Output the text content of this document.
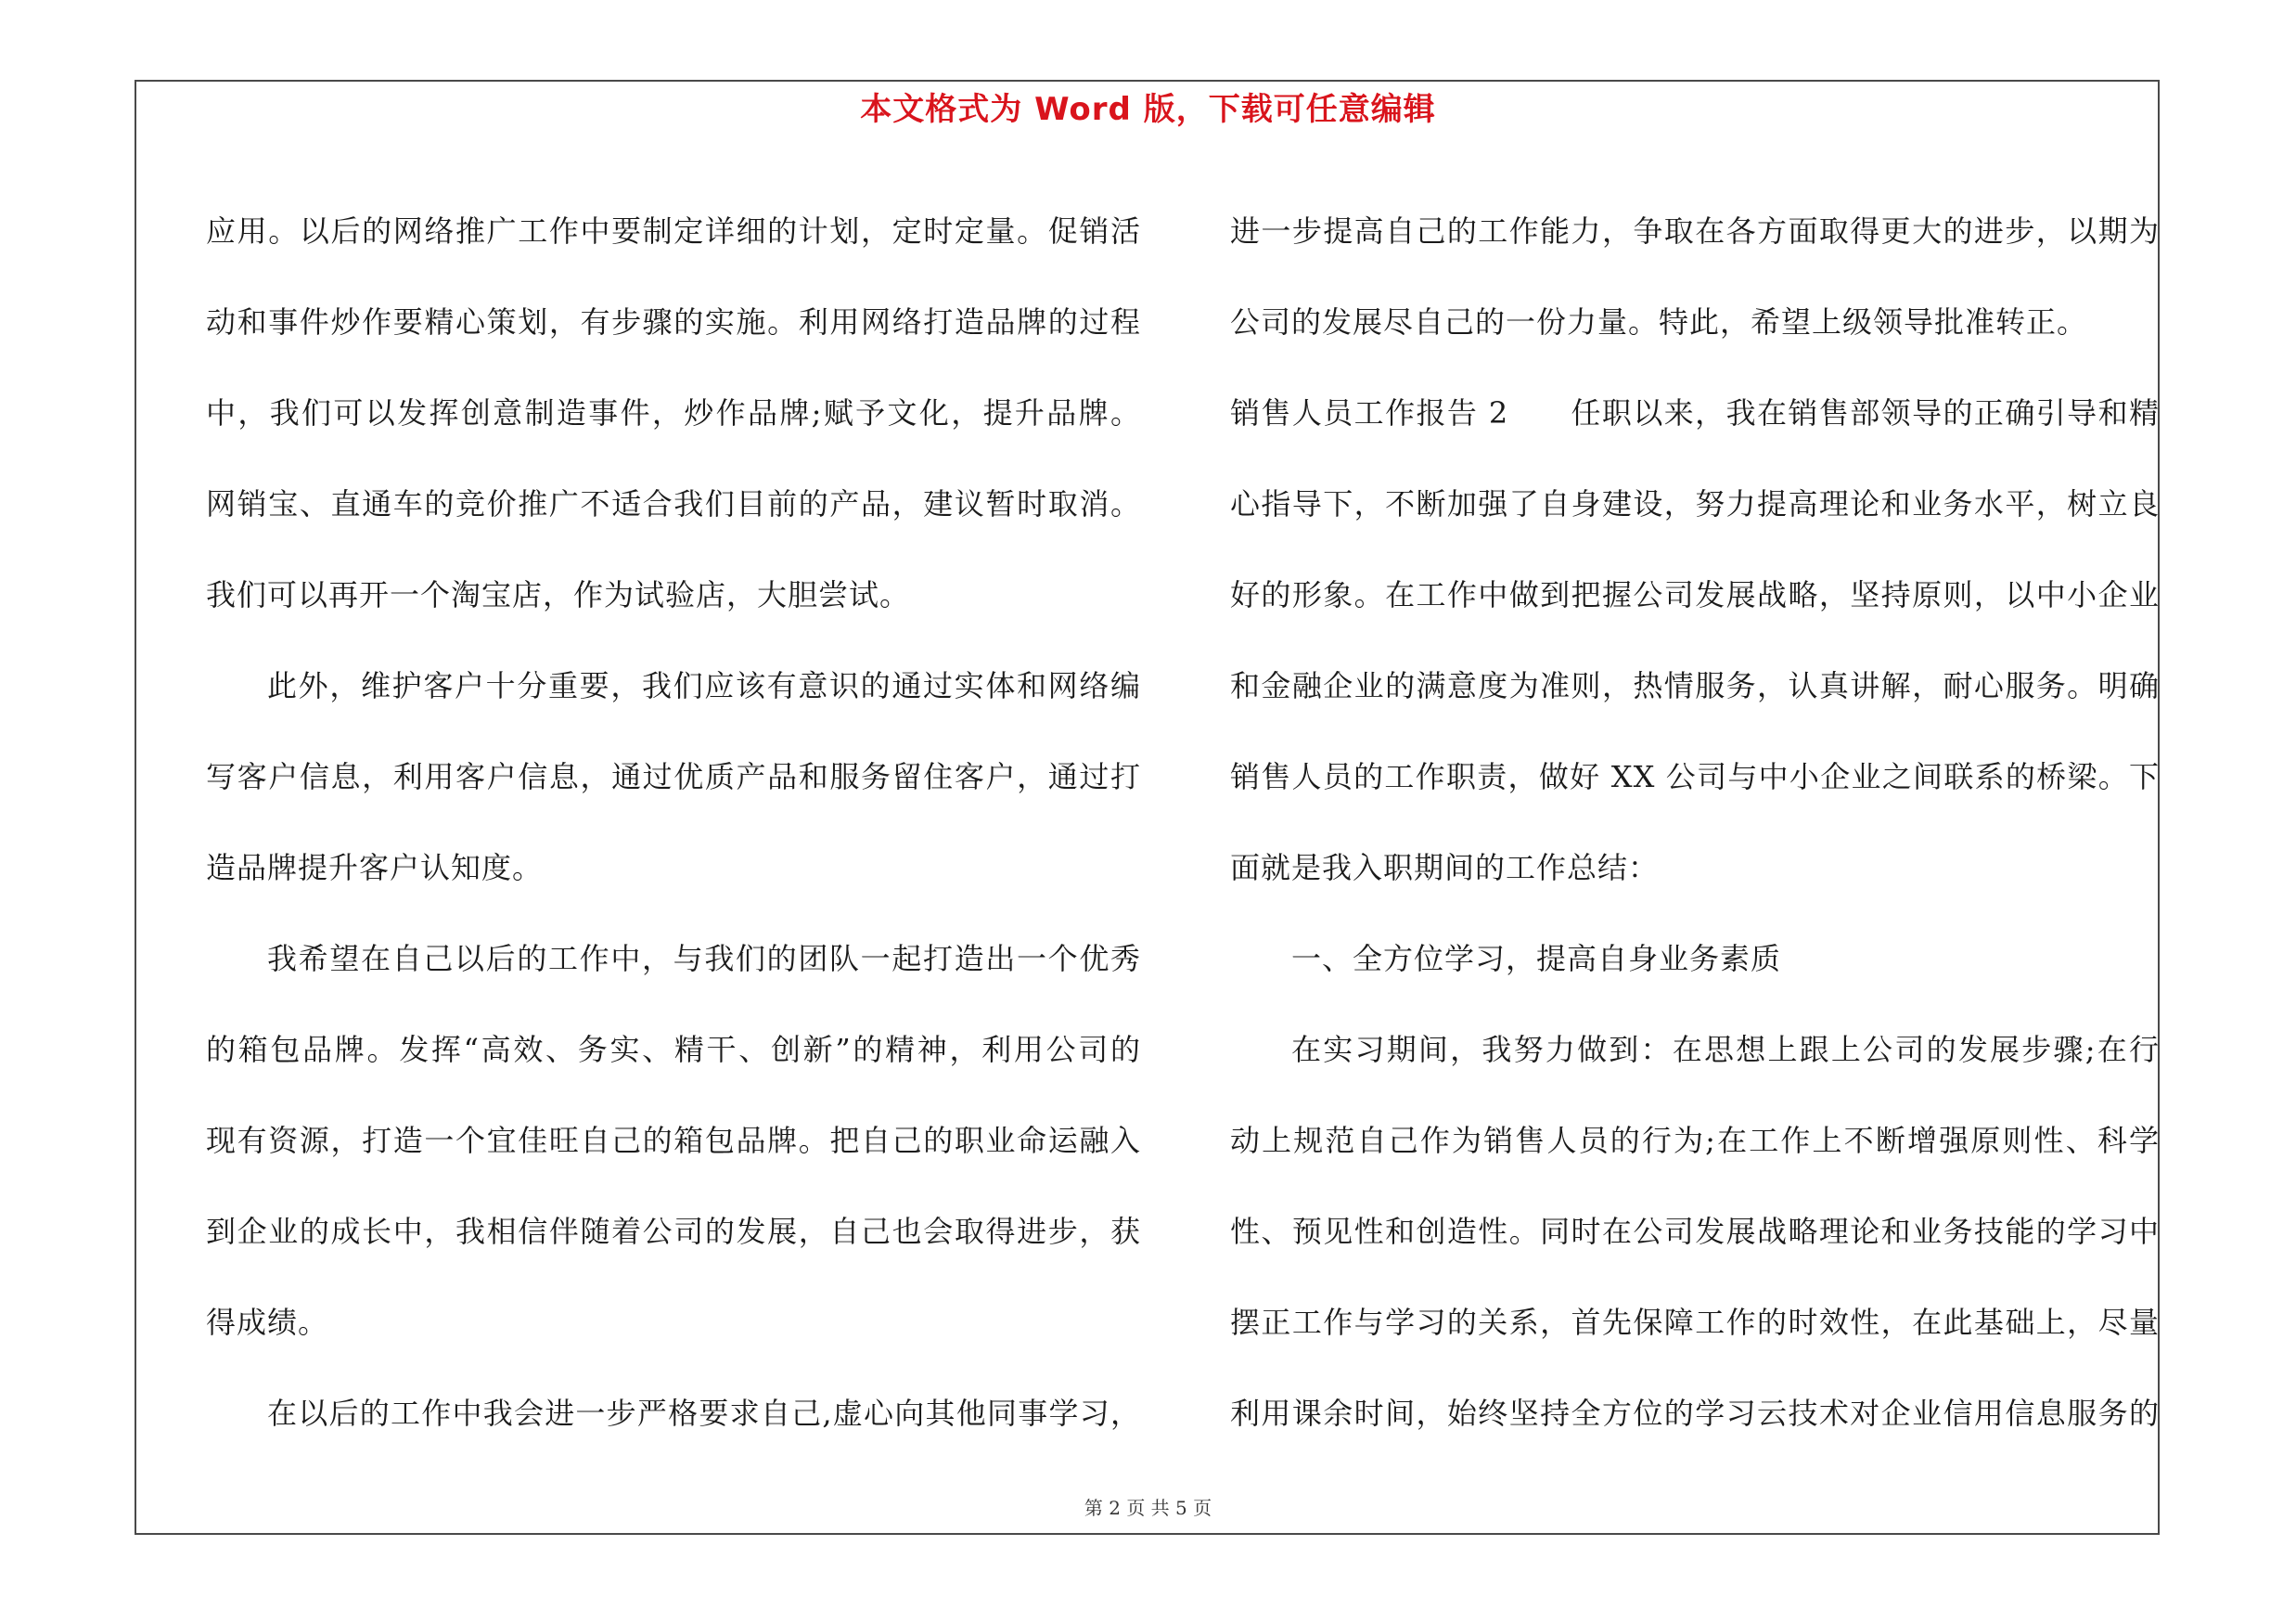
本文格式为 Word 版，下载可任意编辑
应用。以后的网络推广工作中要制定详细的计划，定时定量。促销活
动和事件炒作要精心策划，有步骤的实施。利用网络打造品牌的过程
中，我们可以发挥创意制造事件，炒作品牌;赋予文化，提升品牌。
网销宝、直通车的竞价推广不适合我们目前的产品，建议暂时取消。
我们可以再开一个淘宝店，作为试验店，大胆尝试。
此外，维护客户十分重要，我们应该有意识的通过实体和网络编
写客户信息，利用客户信息，通过优质产品和服务留住客户，通过打
造品牌提升客户认知度。
我希望在自己以后的工作中，与我们的团队一起打造出一个优秀
的箱包品牌。发挥“高效、务实、精干、创新”的精神，利用公司的
现有资源，打造一个宜佳旺自己的箱包品牌。把自己的职业命运融入
到企业的成长中，我相信伴随着公司的发展，自己也会取得进步，获
得成绩。
在以后的工作中我会进一步严格要求自己,虚心向其他同事学习，
进一步提高自己的工作能力，争取在各方面取得更大的进步，以期为
公司的发展尽自己的一份力量。特此，希望上级领导批准转正。
销售人员工作报告 2　　任职以来，我在销售部领导的正确引导和精
心指导下，不断加强了自身建设，努力提高理论和业务水平，树立良
好的形象。在工作中做到把握公司发展战略，坚持原则，以中小企业
和金融企业的满意度为准则，热情服务，认真讲解，耐心服务。明确
销售人员的工作职责，做好 XX 公司与中小企业之间联系的桥梁。下
面就是我入职期间的工作总结：
一、全方位学习，提高自身业务素质
在实习期间，我努力做到：在思想上跟上公司的发展步骤;在行
动上规范自己作为销售人员的行为;在工作上不断增强原则性、科学
性、预见性和创造性。同时在公司发展战略理论和业务技能的学习中
摆正工作与学习的关系，首先保障工作的时效性，在此基础上，尽量
利用课余时间，始终坚持全方位的学习云技术对企业信用信息服务的
第 2 页 共 5 页
